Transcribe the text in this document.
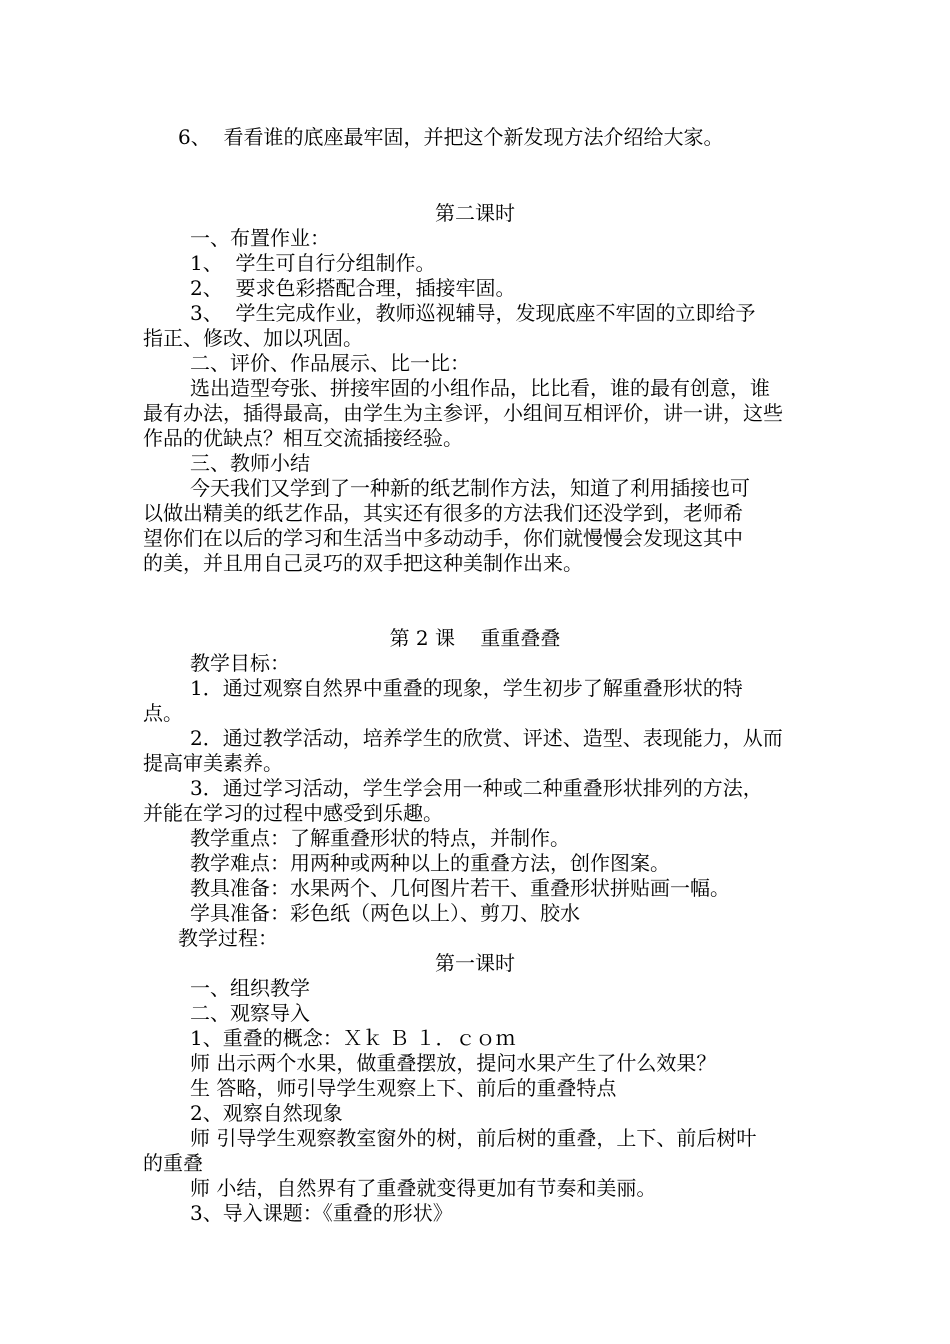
6、  看看谁的底座最牢固，并把这个新发现方法介绍给大家。

第二课时

一、布置作业：

1、  学生可自行分组制作。

2、  要求色彩搭配合理，插接牢固。

3、  学生完成作业，教师巡视辅导，发现底座不牢固的立即给予

指正、修改、加以巩固。

二、评价、作品展示、比一比：

选出造型夸张、拼接牢固的小组作品，比比看，谁的最有创意，谁

最有办法，插得最高，由学生为主参评，小组间互相评价，讲一讲，这些

作品的优缺点？相互交流插接经验。

三、教师小结

今天我们又学到了一种新的纸艺制作方法，知道了利用插接也可

以做出精美的纸艺作品，其实还有很多的方法我们还没学到，老师希

望你们在以后的学习和生活当中多动动手，你们就慢慢会发现这其中

的美，并且用自己灵巧的双手把这种美制作出来。

第 2 课    重重叠叠

教学目标：

1．通过观察自然界中重叠的现象，学生初步了解重叠形状的特

点。

2．通过教学活动，培养学生的欣赏、评述、造型、表现能力，从而

提高审美素养。

3．通过学习活动，学生学会用一种或二种重叠形状排列的方法，

并能在学习的过程中感受到乐趣。

教学重点：了解重叠形状的特点，并制作。

教学难点：用两种或两种以上的重叠方法，创作图案。

教具准备：水果两个、几何图片若干、重叠形状拼贴画一幅。

学具准备：彩色纸（两色以上）、剪刀、胶水

教学过程：

第一课时

一、组织教学

二、观察导入

1、重叠的概念：Ｘｋ Ｂ １．ｃｏｍ

师 出示两个水果，做重叠摆放，提问水果产生了什么效果？

生 答略，师引导学生观察上下、前后的重叠特点

2、观察自然现象

师 引导学生观察教室窗外的树，前后树的重叠，上下、前后树叶

的重叠

师 小结，自然界有了重叠就变得更加有节奏和美丽。

3、导入课题：《重叠的形状》
